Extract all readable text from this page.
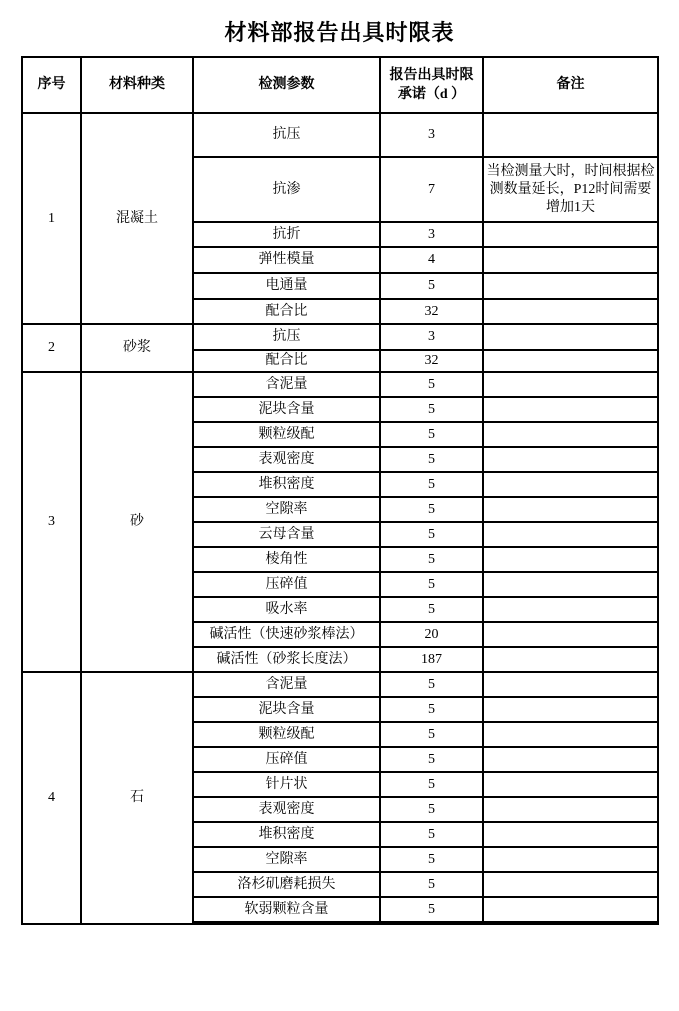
材料部报告出具时限表
序号	材料种类	检测参数	报告出具时限承诺（d ）	备注
1	混凝土	抗压	3	
		抗渗	7	当检测量大时，时间根据检测数量延长，P12时间需要增加1天
		抗折	3	
		弹性模量	4	
		电通量	5	
		配合比	32	
2	砂浆	抗压	3	
		配合比	32	
3	砂	含泥量	5	
		泥块含量	5	
		颗粒级配	5	
		表观密度	5	
		堆积密度	5	
		空隙率	5	
		云母含量	5	
		棱角性	5	
		压碎值	5	
		吸水率	5	
		碱活性（快速砂浆棒法）	20	
		碱活性（砂浆长度法）	187	
4	石	含泥量	5	
		泥块含量	5	
		颗粒级配	5	
		压碎值	5	
		针片状	5	
		表观密度	5	
		堆积密度	5	
		空隙率	5	
		洛杉矶磨耗损失	5	
		软弱颗粒含量	5	
